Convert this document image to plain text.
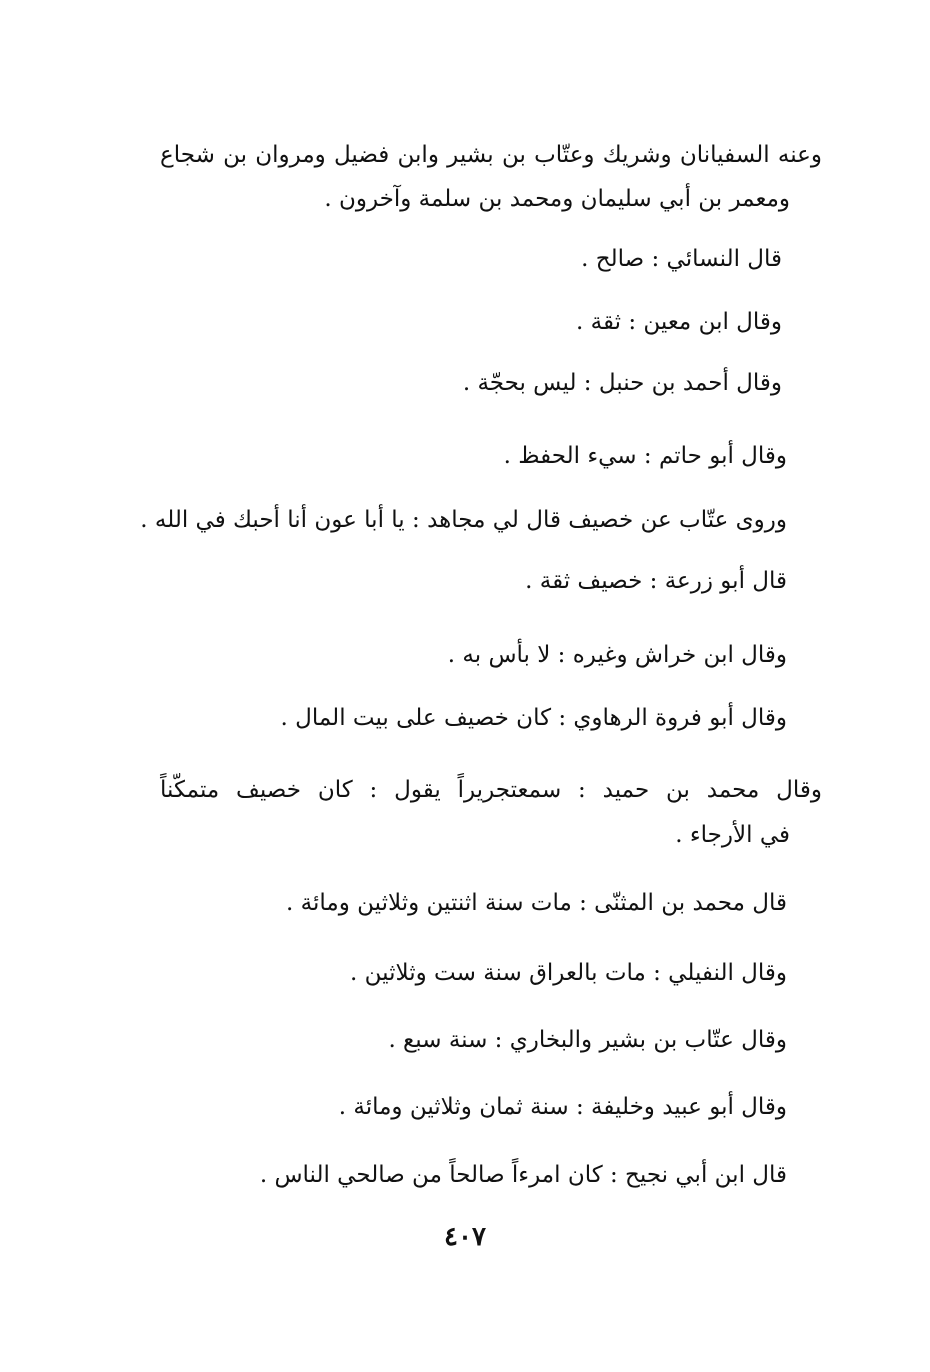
وعنه السفيانان وشريك وعتّاب بن بشير وابن فضيل ومروان بن شجاع
ومعمر بن أبي سليمان ومحمد بن سلمة وآخرون .
قال النسائي : صالح .
وقال ابن معين : ثقة .
وقال أحمد بن حنبل : ليس بحجّة .
وقال أبو حاتم : سيء الحفظ .
وروى عتّاب عن خصيف قال لي مجاهد : يا أبا عون أنا أحبك في الله .
قال أبو زرعة : خصيف ثقة .
وقال ابن خراش وغيره : لا بأس به .
وقال أبو فروة الرهاوي : كان خصيف على بيت المال .
وقال محمد بن حميد : سمعتجريراً يقول : كان خصيف متمكّناً
في الأرجاء .
قال محمد بن المثنّى : مات سنة اثنتين وثلاثين ومائة .
وقال النفيلي : مات بالعراق سنة ست وثلاثين .
وقال عتّاب بن بشير والبخاري : سنة سبع .
وقال أبو عبيد وخليفة : سنة ثمان وثلاثين ومائة .
قال ابن أبي نجيح : كان امرءاً صالحاً من صالحي الناس .
٤٠٧
